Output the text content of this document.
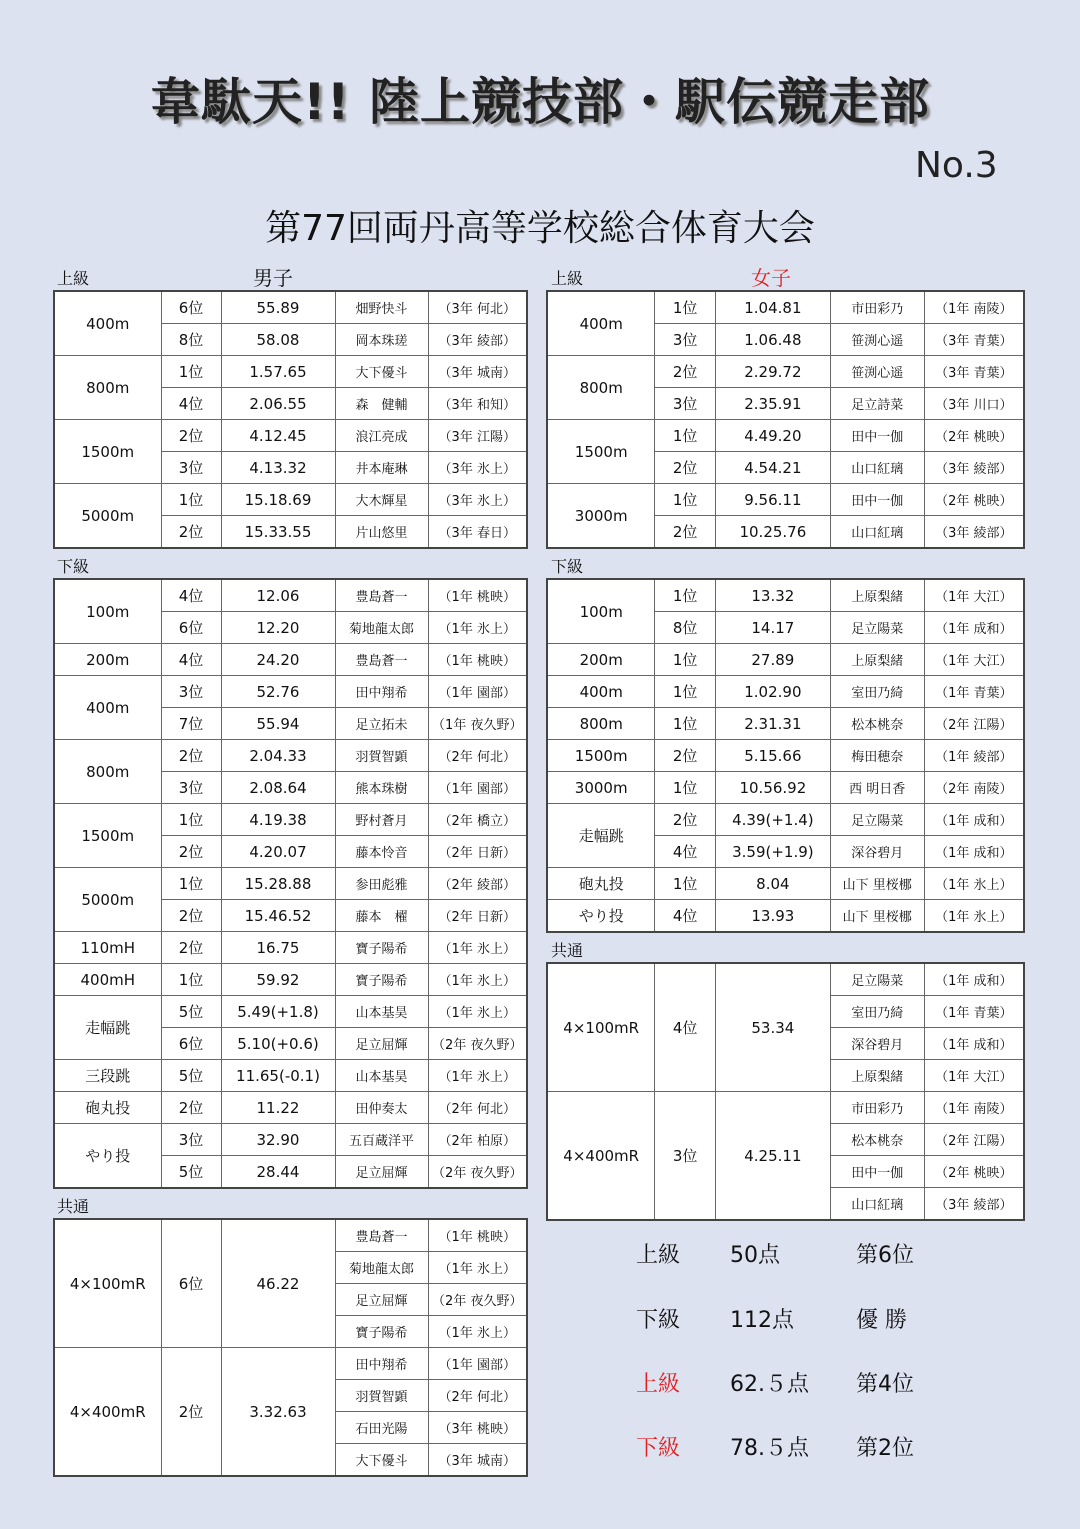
韋駄天!! 陸上競技部・駅伝競走部
No.3
第77回両丹高等学校総合体育大会
上級	男子	上級	女子
400m	6位	55.89	畑野快斗	（3年 何北）
	8位	58.08	岡本珠瑳	（3年 綾部）
800m	1位	1.57.65	大下優斗	（3年 城南）
	4位	2.06.55	森　健輔	（3年 和知）
1500m	2位	4.12.45	浪江亮成	（3年 江陽）
	3位	4.13.32	井本庵琳	（3年 氷上）
5000m	1位	15.18.69	大木輝星	（3年 氷上）
	2位	15.33.55	片山悠里	（3年 春日）
下級
100m	4位	12.06	豊島蒼一	（1年 桃映）
	6位	12.20	菊地龍太郎	（1年 氷上）
200m	4位	24.20	豊島蒼一	（1年 桃映）
400m	3位	52.76	田中翔希	（1年 園部）
	7位	55.94	足立拓未	（1年 夜久野）
800m	2位	2.04.33	羽賀智顕	（2年 何北）
	3位	2.08.64	熊本珠樹	（1年 園部）
1500m	1位	4.19.38	野村蒼月	（2年 橋立）
	2位	4.20.07	藤本怜音	（2年 日新）
5000m	1位	15.28.88	参田彪雅	（2年 綾部）
	2位	15.46.52	藤本　櫂	（2年 日新）
110mH	2位	16.75	寶子陽希	（1年 氷上）
400mH	1位	59.92	寶子陽希	（1年 氷上）
走幅跳	5位	5.49(+1.8)	山本基昊	（1年 氷上）
	6位	5.10(+0.6)	足立屈輝	（2年 夜久野）
三段跳	5位	11.65(-0.1)	山本基昊	（1年 氷上）
砲丸投	2位	11.22	田仲奏太	（2年 何北）
やり投	3位	32.90	五百蔵洋平	（2年 柏原）
	5位	28.44	足立屈輝	（2年 夜久野）
共通
4×100mR	6位	46.22	豊島蒼一	（1年 桃映）
			菊地龍太郎	（1年 氷上）
			足立屈輝	（2年 夜久野）
			寶子陽希	（1年 氷上）
4×400mR	2位	3.32.63	田中翔希	（1年 園部）
			羽賀智顕	（2年 何北）
			石田光陽	（3年 桃映）
			大下優斗	（3年 城南）
400m	1位	1.04.81	市田彩乃	（1年 南陵）
	3位	1.06.48	笹渕心遥	（3年 青葉）
800m	2位	2.29.72	笹渕心遥	（3年 青葉）
	3位	2.35.91	足立詩菜	（3年 川口）
1500m	1位	4.49.20	田中一伽	（2年 桃映）
	2位	4.54.21	山口紅璃	（3年 綾部）
3000m	1位	9.56.11	田中一伽	（2年 桃映）
	2位	10.25.76	山口紅璃	（3年 綾部）
下級
100m	1位	13.32	上原梨緒	（1年 大江）
	8位	14.17	足立陽菜	（1年 成和）
200m	1位	27.89	上原梨緒	（1年 大江）
400m	1位	1.02.90	室田乃綺	（1年 青葉）
800m	1位	2.31.31	松本桃奈	（2年 江陽）
1500m	2位	5.15.66	梅田穂奈	（1年 綾部）
3000m	1位	10.56.92	西 明日香	（2年 南陵）
走幅跳	2位	4.39(+1.4)	足立陽菜	（1年 成和）
	4位	3.59(+1.9)	深谷碧月	（1年 成和）
砲丸投	1位	8.04	山下 里桜梛	（1年 氷上）
やり投	4位	13.93	山下 里桜梛	（1年 氷上）
共通
4×100mR	4位	53.34	足立陽菜	（1年 成和）
			室田乃綺	（1年 青葉）
			深谷碧月	（1年 成和）
			上原梨緒	（1年 大江）
4×400mR	3位	4.25.11	市田彩乃	（1年 南陵）
			松本桃奈	（2年 江陽）
			田中一伽	（2年 桃映）
			山口紅璃	（3年 綾部）
上級 50点	第6位
下級 112点	優 勝
上級 62.５点 第4位
下級 78.５点 第2位
